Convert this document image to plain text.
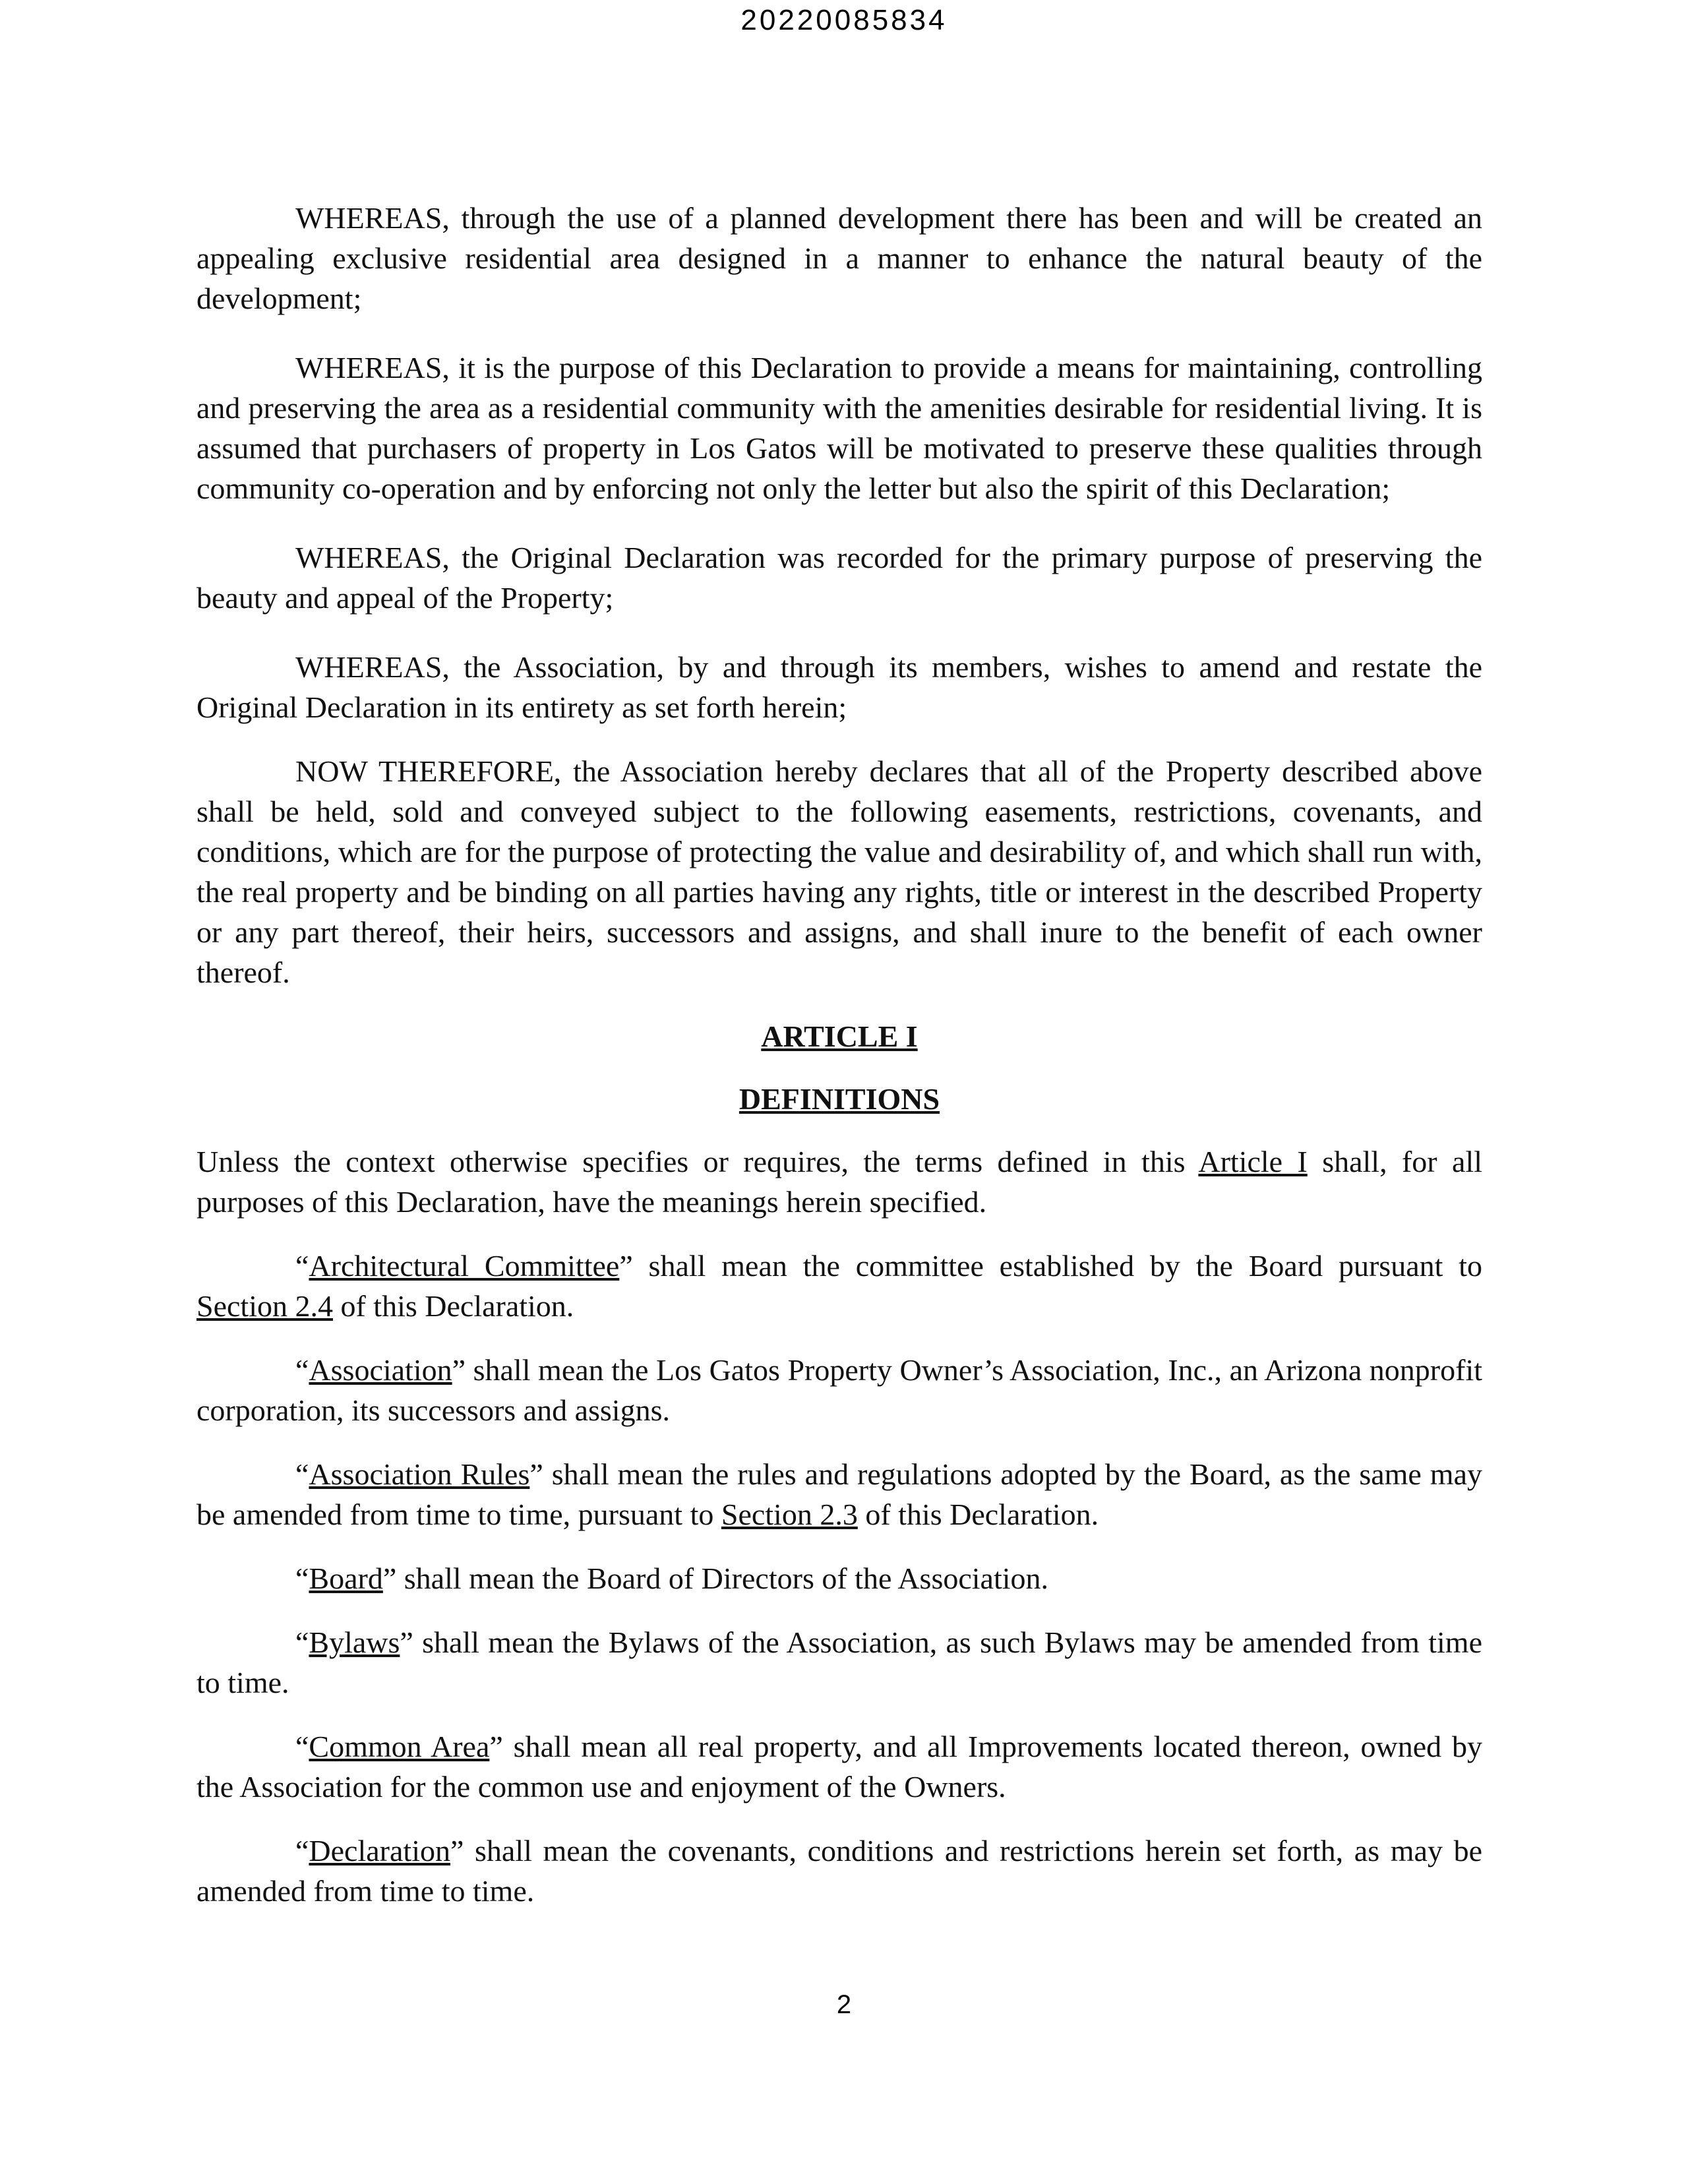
20220085834

WHEREAS, through the use of a planned development there has been and will be created an appealing exclusive residential area designed in a manner to enhance the natural beauty of the development;

WHEREAS, it is the purpose of this Declaration to provide a means for maintaining, controlling and preserving the area as a residential community with the amenities desirable for residential living. It is assumed that purchasers of property in Los Gatos will be motivated to preserve these qualities through community co-operation and by enforcing not only the letter but also the spirit of this Declaration;

WHEREAS, the Original Declaration was recorded for the primary purpose of preserving the beauty and appeal of the Property;

WHEREAS, the Association, by and through its members, wishes to amend and restate the Original Declaration in its entirety as set forth herein;

NOW THEREFORE, the Association hereby declares that all of the Property described above shall be held, sold and conveyed subject to the following easements, restrictions, covenants, and conditions, which are for the purpose of protecting the value and desirability of, and which shall run with, the real property and be binding on all parties having any rights, title or interest in the described Property or any part thereof, their heirs, successors and assigns, and shall inure to the benefit of each owner thereof.

ARTICLE I
DEFINITIONS

Unless the context otherwise specifies or requires, the terms defined in this Article I shall, for all purposes of this Declaration, have the meanings herein specified.

“Architectural Committee” shall mean the committee established by the Board pursuant to Section 2.4 of this Declaration.

“Association” shall mean the Los Gatos Property Owner’s Association, Inc., an Arizona nonprofit corporation, its successors and assigns.

“Association Rules” shall mean the rules and regulations adopted by the Board, as the same may be amended from time to time, pursuant to Section 2.3 of this Declaration.

“Board” shall mean the Board of Directors of the Association.

“Bylaws” shall mean the Bylaws of the Association, as such Bylaws may be amended from time to time.

“Common Area” shall mean all real property, and all Improvements located thereon, owned by the Association for the common use and enjoyment of the Owners.

“Declaration” shall mean the covenants, conditions and restrictions herein set forth, as may be amended from time to time.

2
